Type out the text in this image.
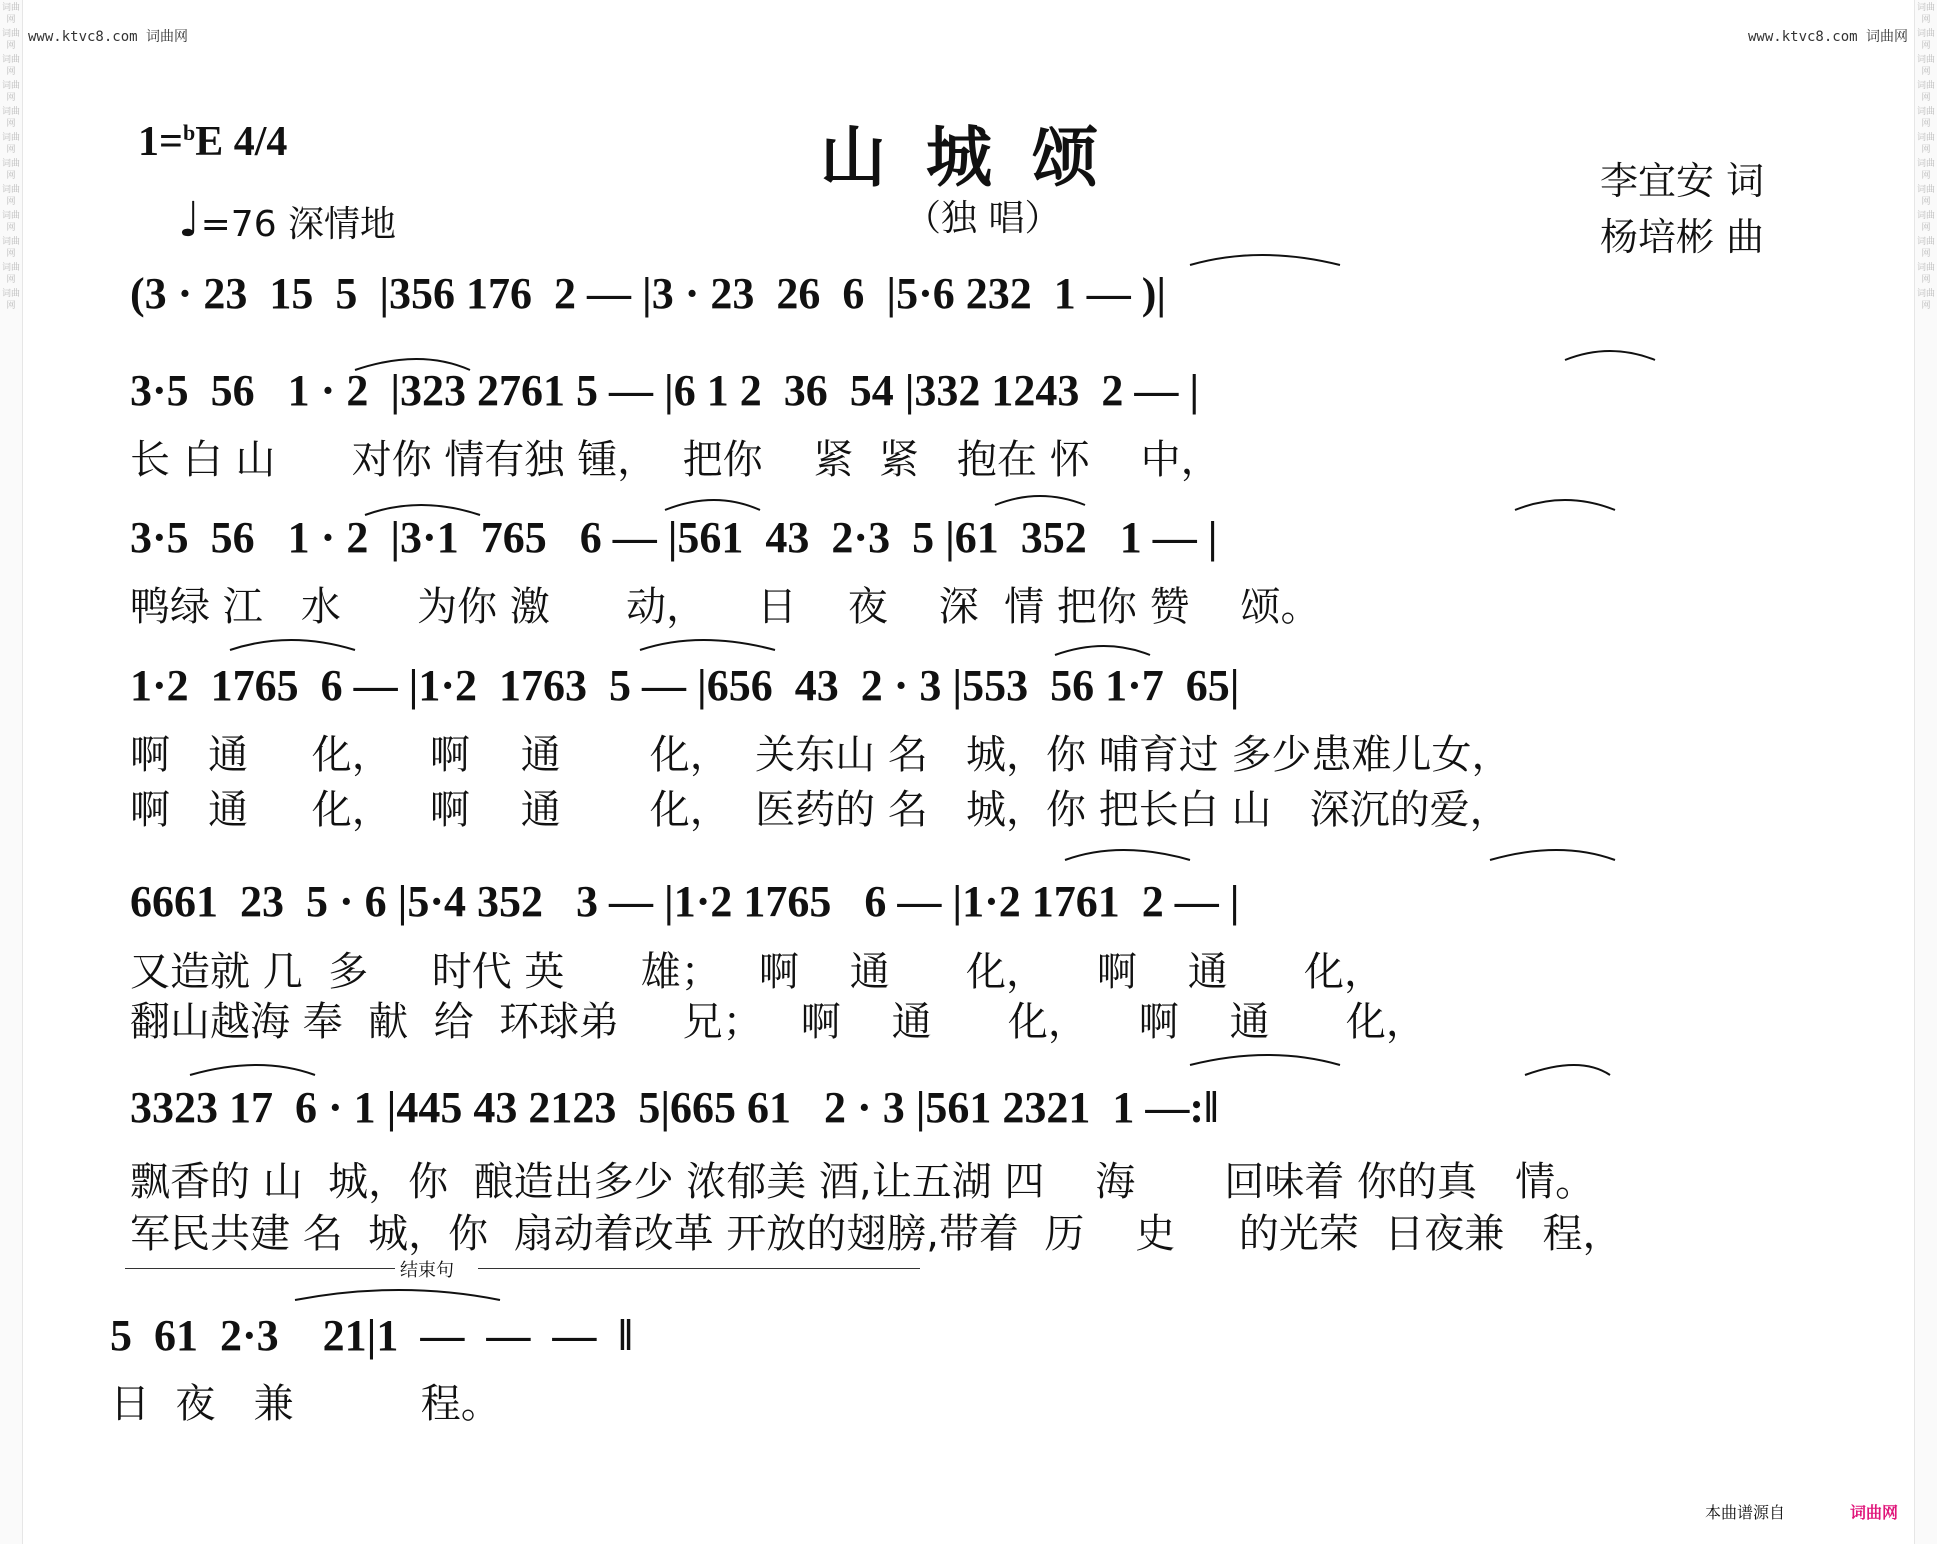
词曲网
词曲网
词曲网
词曲网
词曲网
词曲网
词曲网
词曲网
词曲网
词曲网
词曲网
词曲网
词曲网
词曲网
词曲网
词曲网
词曲网
词曲网
词曲网
词曲网
词曲网
词曲网
词曲网
词曲网
www.ktvc8.com 词曲网	www.ktvc8.com 词曲网
1=$^b$E 4/4
♩=76 深情地
山城颂
（独 唱）
李宜安 词
杨培彬 曲
(3 · 23  15  5  |356 176  2 — |3 · 23  26  6  |5·6 232  1 — )|
3·5  56   1 · 2  |323 2761 5 — |6 1 2  36  54 |332 1243  2 — |
长 白 山      对你 情有独 锺，  把你    紧  紧   抱在 怀    中，
3·5  56   1 · 2  |3·1  765   6 — |561  43  2·3  5 |61  352   1 — |
鸭绿 江   水      为你 激      动，    日    夜    深  情 把你 赞    颂。
1·2  1765  6 — |1·2  1763  5 — |656  43  2 · 3 |553  56 1·7  65|
啊   通     化，   啊    通       化，  关东山 名   城，你 哺育过 多少患难儿女，
啊   通     化，   啊    通       化，  医药的 名   城，你 把长白 山   深沉的爱，
6661  23  5 · 6 |5·4 352   3 — |1·2 1765   6 — |1·2 1761  2 — |
又造就 几  多     时代 英      雄；   啊    通      化，    啊    通      化，
翻山越海 奉  献  给  环球弟     兄；   啊    通      化，    啊    通      化，
3323 17  6 · 1 |445 43 2123  5|665 61   2 · 3 |561 2321  1 —:‖
飘香的 山  城，你  酿造出多少 浓郁美 酒,让五湖 四    海       回味着 你的真   情。
军民共建 名  城，你  扇动着改革 开放的翅膀,带着  历    史     的光荣  日夜兼   程，
结束句
5  61  2·3    21|1  —  —  —  ‖
日  夜   兼          程。
本曲谱源自	词曲网
